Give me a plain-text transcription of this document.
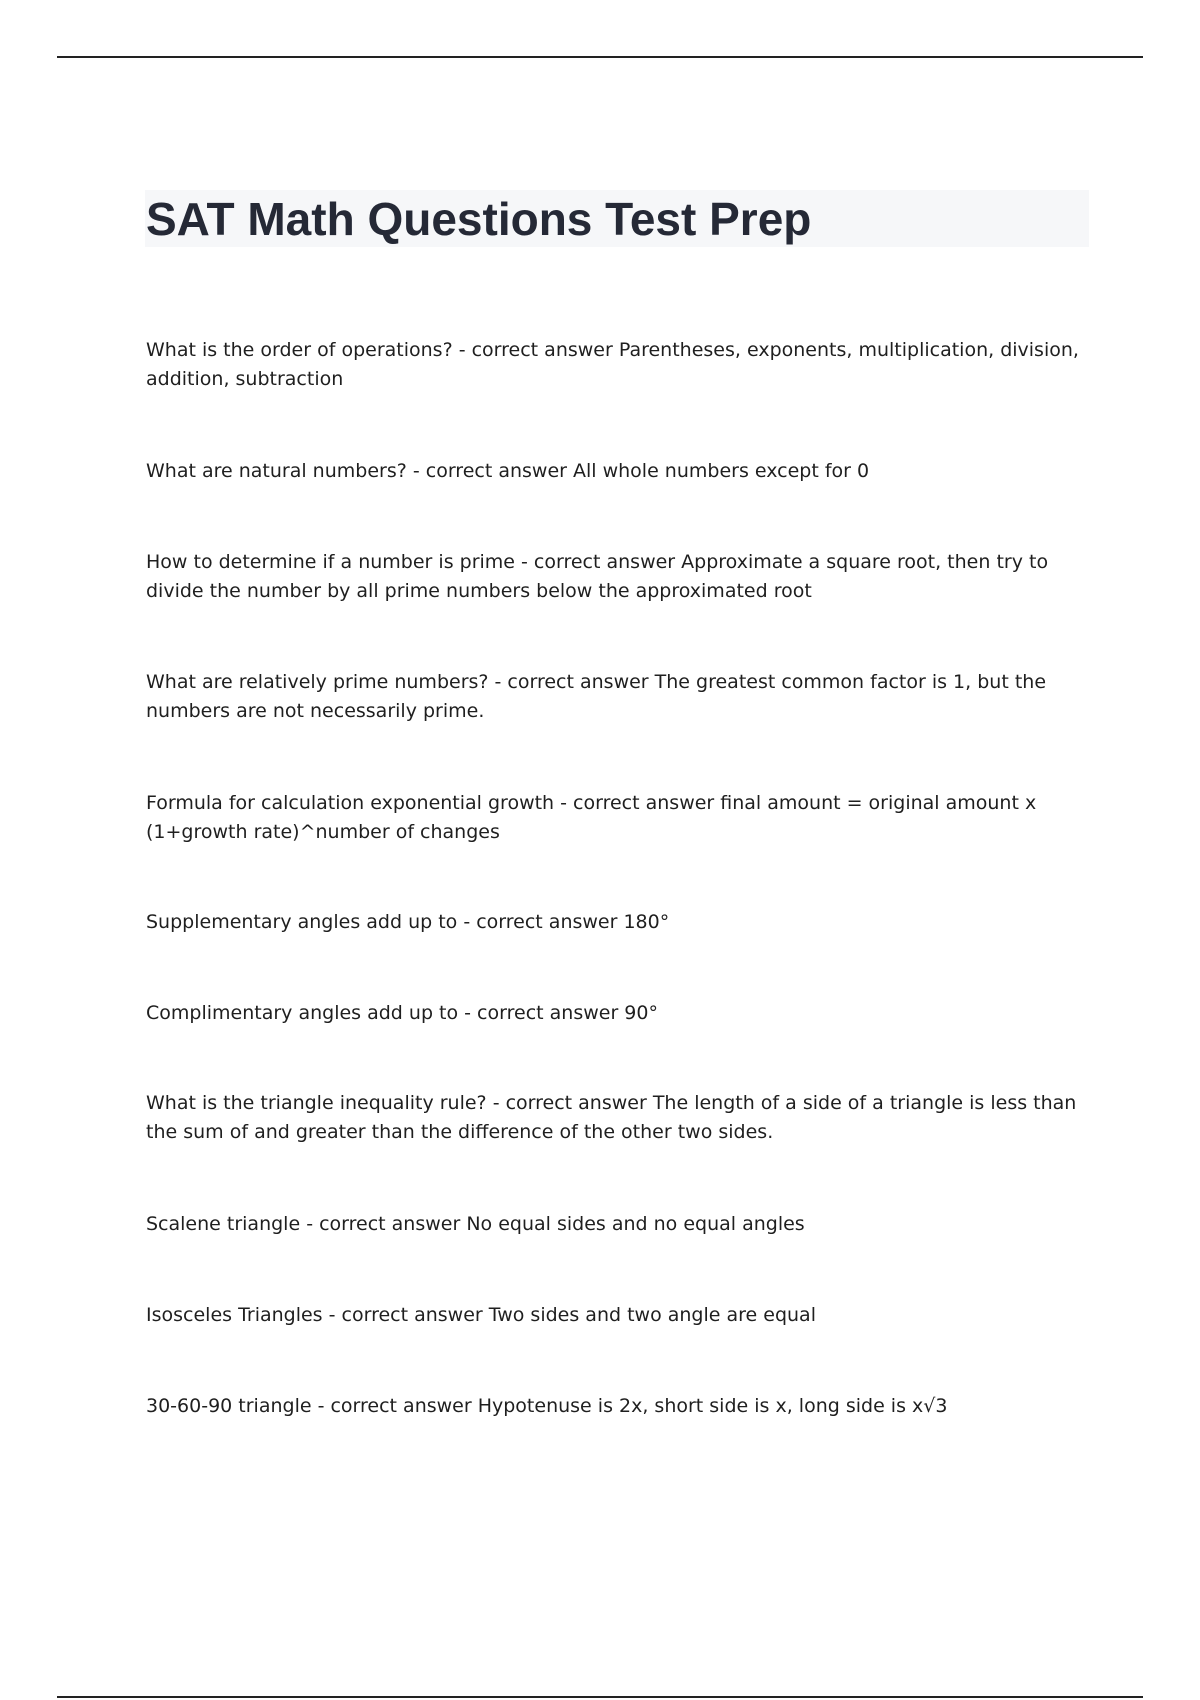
SAT Math Questions Test Prep

What is the order of operations? - correct answer Parentheses, exponents, multiplication, division, addition, subtraction

What are natural numbers? - correct answer All whole numbers except for 0

How to determine if a number is prime - correct answer Approximate a square root, then try to divide the number by all prime numbers below the approximated root

What are relatively prime numbers? - correct answer The greatest common factor is 1, but the numbers are not necessarily prime.

Formula for calculation exponential growth - correct answer final amount = original amount x (1+growth rate)^number of changes

Supplementary angles add up to - correct answer 180°

Complimentary angles add up to - correct answer 90°

What is the triangle inequality rule? - correct answer The length of a side of a triangle is less than the sum of and greater than the difference of the other two sides.

Scalene triangle - correct answer No equal sides and no equal angles

Isosceles Triangles - correct answer Two sides and two angle are equal

30-60-90 triangle - correct answer Hypotenuse is 2x, short side is x, long side is x√3
